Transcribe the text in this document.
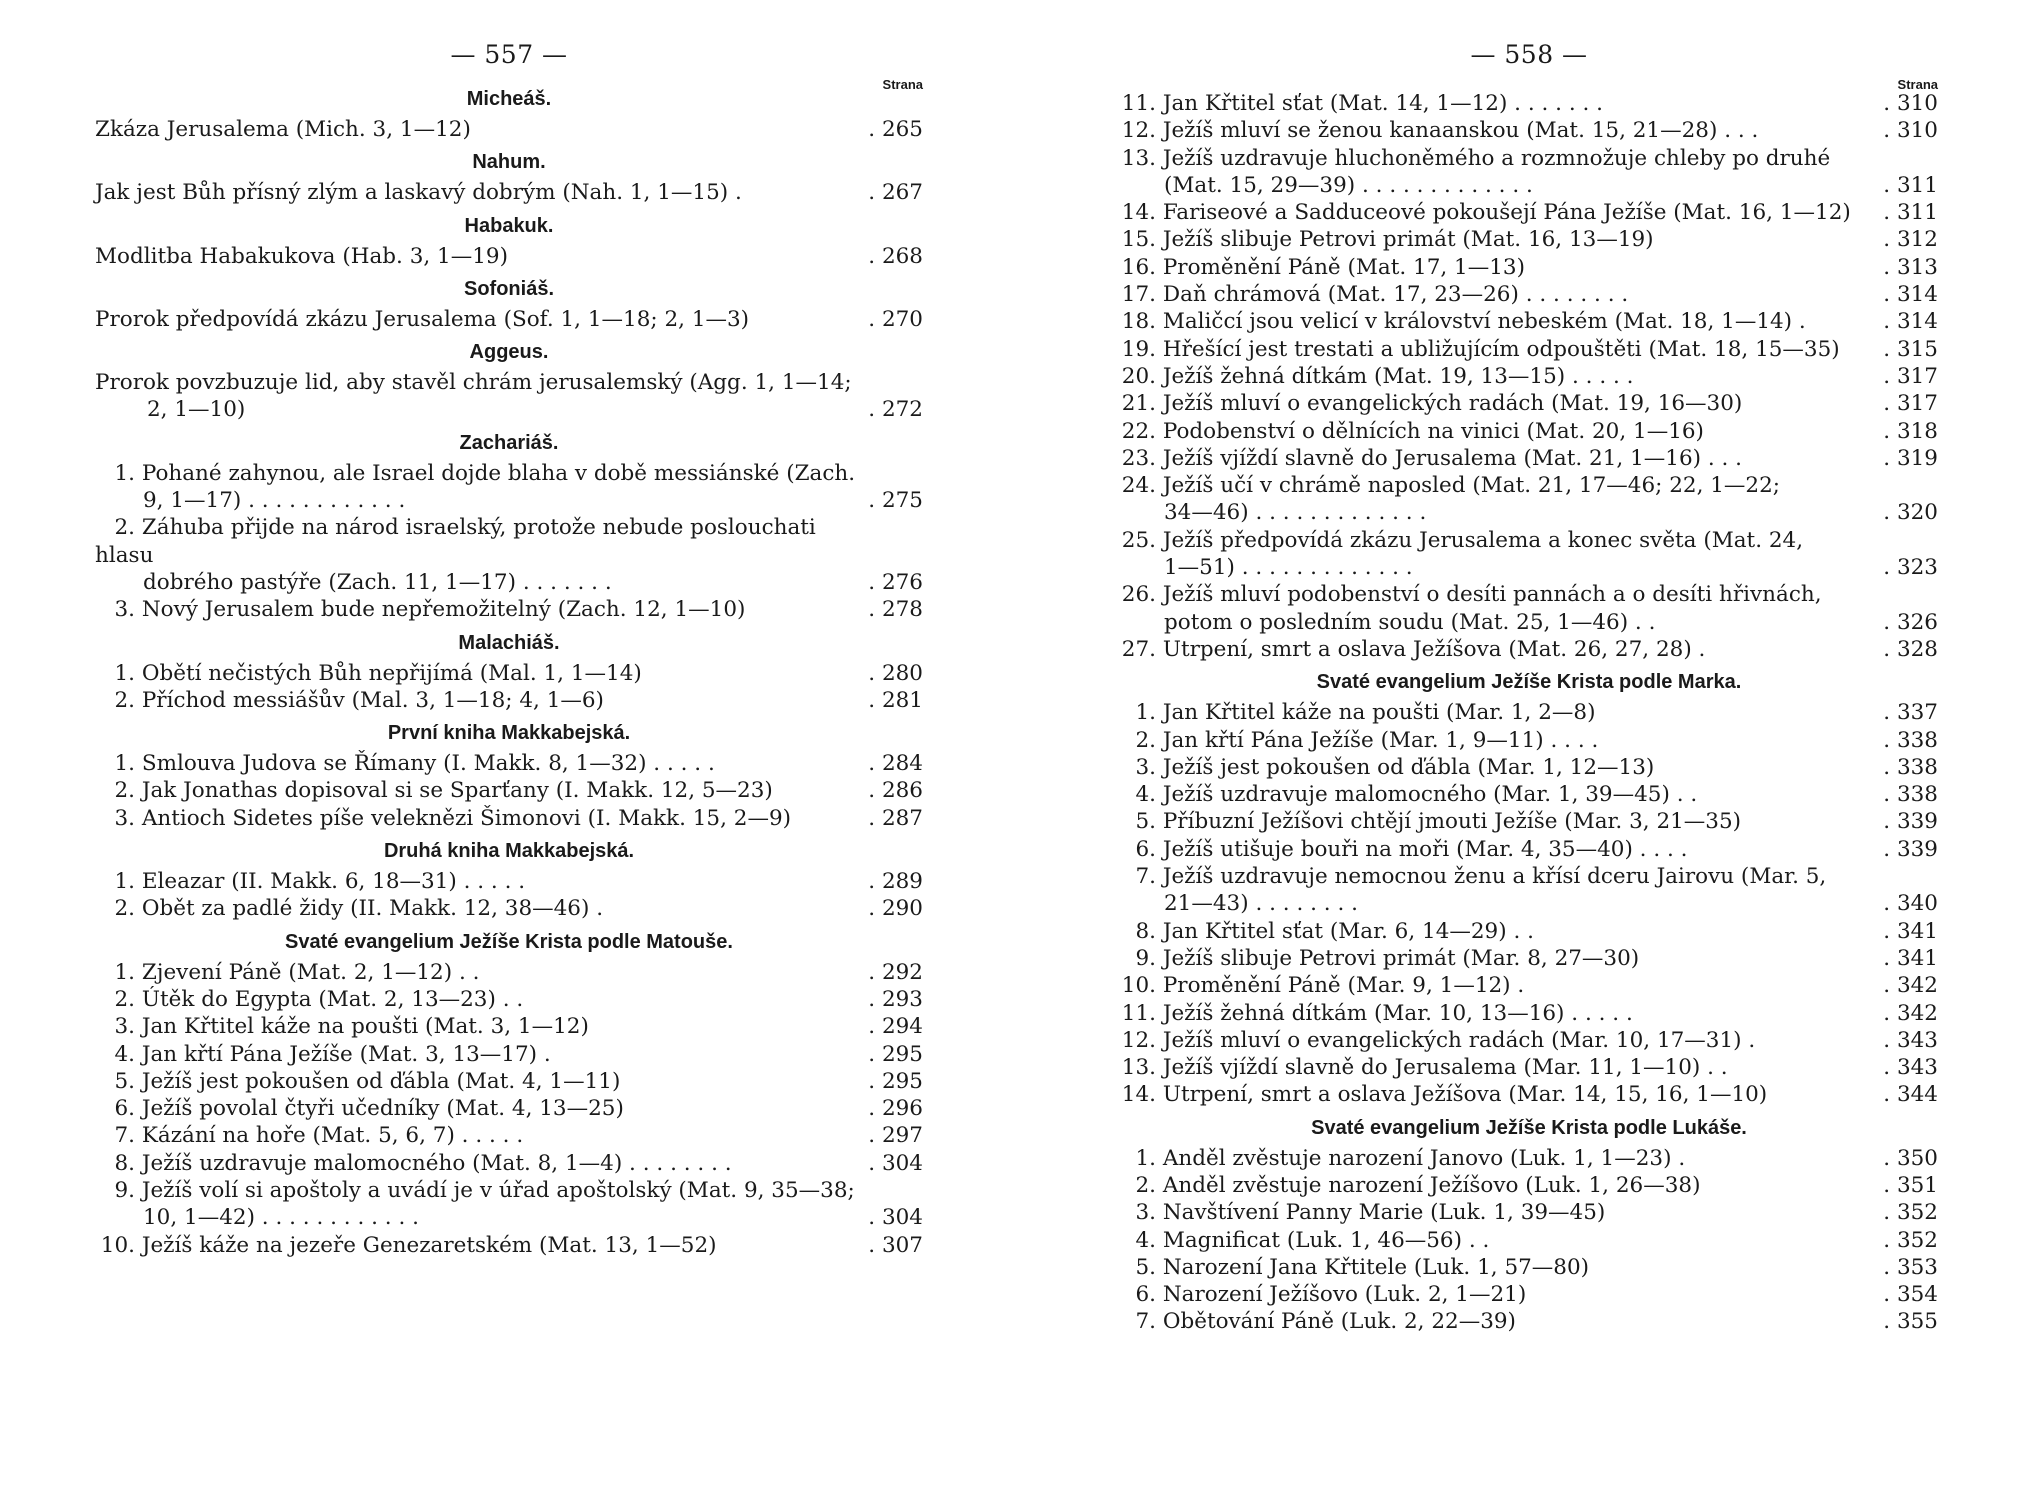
— 557 —
Strana
Micheáš.
Zkáza Jerusalema (Mich. 3, 1—12)	. 265
Nahum.
Jak jest Bůh přísný zlým a laskavý dobrým (Nah. 1, 1—15) .	. 267
Habakuk.
Modlitba Habakukova (Hab. 3, 1—19)	. 268
Sofoniáš.
Prorok předpovídá zkázu Jerusalema (Sof. 1, 1—18; 2, 1—3)	. 270
Aggeus.
Prorok povzbuzuje lid, aby stavěl chrám jerusalemský (Agg. 1, 1—14;
2, 1—10)	. 272
Zachariáš.
1. Pohané zahynou, ale Israel dojde blaha v době messiánské (Zach.
9, 1—17) . . . . . . . . . . . .	. 275
2. Záhuba přijde na národ israelský, protože nebude poslouchati hlasu
dobrého pastýře (Zach. 11, 1—17) . . . . . . .	. 276
3. Nový Jerusalem bude nepřemožitelný (Zach. 12, 1—10)	. 278
Malachiáš.
1. Obětí nečistých Bůh nepřijímá (Mal. 1, 1—14)	. 280
2. Příchod messiášův (Mal. 3, 1—18; 4, 1—6)	. 281
První kniha Makkabejská.
1. Smlouva Judova se Římany (I. Makk. 8, 1—32) . . . . .	. 284
2. Jak Jonathas dopisoval si se Sparťany (I. Makk. 12, 5—23)	. 286
3. Antioch Sidetes píše veleknězi Šimonovi (I. Makk. 15, 2—9)	. 287
Druhá kniha Makkabejská.
1. Eleazar (II. Makk. 6, 18—31) . . . . .	. 289
2. Obět za padlé židy (II. Makk. 12, 38—46) .	. 290
Svaté evangelium Ježíše Krista podle Matouše.
1. Zjevení Páně (Mat. 2, 1—12) . .	. 292
2. Útěk do Egypta (Mat. 2, 13—23) . .	. 293
3. Jan Křtitel káže na poušti (Mat. 3, 1—12)	. 294
4. Jan křtí Pána Ježíše (Mat. 3, 13—17) .	. 295
5. Ježíš jest pokoušen od ďábla (Mat. 4, 1—11)	. 295
6. Ježíš povolal čtyři učedníky (Mat. 4, 13—25)	. 296
7. Kázání na hoře (Mat. 5, 6, 7) . . . . .	. 297
8. Ježíš uzdravuje malomocného (Mat. 8, 1—4) . . . . . . . .	. 304
9. Ježíš volí si apoštoly a uvádí je v úřad apoštolský (Mat. 9, 35—38;
10, 1—42) . . . . . . . . . . . .	. 304
10. Ježíš káže na jezeře Genezaretském (Mat. 13, 1—52)	. 307
— 558 —
Strana
11. Jan Křtitel sťat (Mat. 14, 1—12) . . . . . . .	. 310
12. Ježíš mluví se ženou kanaanskou (Mat. 15, 21—28) . . .	. 310
13. Ježíš uzdravuje hluchoněmého a rozmnožuje chleby po druhé
(Mat. 15, 29—39) . . . . . . . . . . . . .	. 311
14. Fariseové a Sadduceové pokoušejí Pána Ježíše (Mat. 16, 1—12)	. 311
15. Ježíš slibuje Petrovi primát (Mat. 16, 13—19)	. 312
16. Proměnění Páně (Mat. 17, 1—13)	. 313
17. Daň chrámová (Mat. 17, 23—26) . . . . . . . .	. 314
18. Maličcí jsou velicí v království nebeském (Mat. 18, 1—14) .	. 314
19. Hřešící jest trestati a ubližujícím odpouštěti (Mat. 18, 15—35)	. 315
20. Ježíš žehná dítkám (Mat. 19, 13—15) . . . . .	. 317
21. Ježíš mluví o evangelických radách (Mat. 19, 16—30)	. 317
22. Podobenství o dělnících na vinici (Mat. 20, 1—16)	. 318
23. Ježíš vjíždí slavně do Jerusalema (Mat. 21, 1—16) . . .	. 319
24. Ježíš učí v chrámě naposled (Mat. 21, 17—46; 22, 1—22;
34—46) . . . . . . . . . . . . .	. 320
25. Ježíš předpovídá zkázu Jerusalema a konec světa (Mat. 24,
1—51) . . . . . . . . . . . . .	. 323
26. Ježíš mluví podobenství o desíti pannách a o desíti hřivnách,
potom o posledním soudu (Mat. 25, 1—46) . .	. 326
27. Utrpení, smrt a oslava Ježíšova (Mat. 26, 27, 28) .	. 328
Svaté evangelium Ježíše Krista podle Marka.
1. Jan Křtitel káže na poušti (Mar. 1, 2—8)	. 337
2. Jan křtí Pána Ježíše (Mar. 1, 9—11) . . . .	. 338
3. Ježíš jest pokoušen od ďábla (Mar. 1, 12—13)	. 338
4. Ježíš uzdravuje malomocného (Mar. 1, 39—45) . .	. 338
5. Příbuzní Ježíšovi chtějí jmouti Ježíše (Mar. 3, 21—35)	. 339
6. Ježíš utišuje bouři na moři (Mar. 4, 35—40) . . . .	. 339
7. Ježíš uzdravuje nemocnou ženu a křísí dceru Jairovu (Mar. 5,
21—43) . . . . . . . .	. 340
8. Jan Křtitel sťat (Mar. 6, 14—29) . .	. 341
9. Ježíš slibuje Petrovi primát (Mar. 8, 27—30)	. 341
10. Proměnění Páně (Mar. 9, 1—12) .	. 342
11. Ježíš žehná dítkám (Mar. 10, 13—16) . . . . .	. 342
12. Ježíš mluví o evangelických radách (Mar. 10, 17—31) .	. 343
13. Ježíš vjíždí slavně do Jerusalema (Mar. 11, 1—10) . .	. 343
14. Utrpení, smrt a oslava Ježíšova (Mar. 14, 15, 16, 1—10)	. 344
Svaté evangelium Ježíše Krista podle Lukáše.
1. Anděl zvěstuje narození Janovo (Luk. 1, 1—23) .	. 350
2. Anděl zvěstuje narození Ježíšovo (Luk. 1, 26—38)	. 351
3. Navštívení Panny Marie (Luk. 1, 39—45)	. 352
4. Magnificat (Luk. 1, 46—56) . .	. 352
5. Narození Jana Křtitele (Luk. 1, 57—80)	. 353
6. Narození Ježíšovo (Luk. 2, 1—21)	. 354
7. Obětování Páně (Luk. 2, 22—39)	. 355
